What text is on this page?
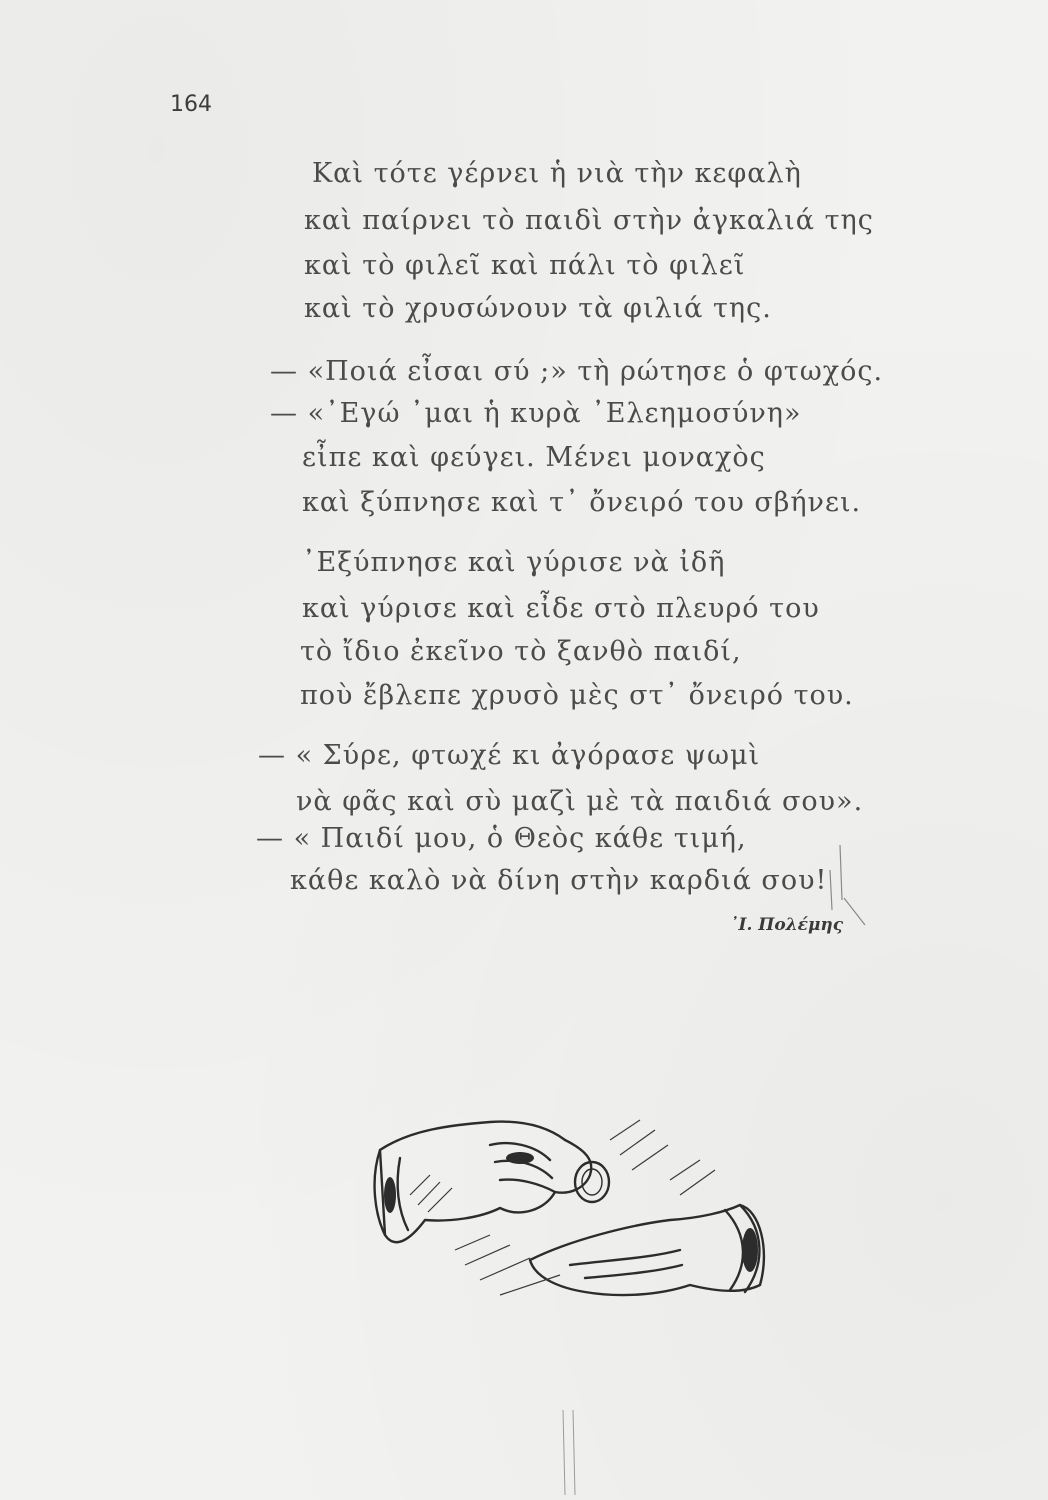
164
Καὶ τότε γέρνει ἡ νιὰ τὴν κεφαλὴ
καὶ παίρνει τὸ παιδὶ στὴν ἀγκαλιά της
καὶ τὸ φιλεῖ καὶ πάλι τὸ φιλεῖ
καὶ τὸ χρυσώνουν τὰ φιλιά της.
— «Ποιά εἶσαι σύ ;» τὴ ρώτησε ὁ φτωχός.
— «᾿Εγώ ᾿μαι ἡ κυρὰ ᾿Ελεημοσύνη»
εἶπε καὶ φεύγει. Μένει μοναχὸς
καὶ ξύπνησε καὶ τ᾿ ὄνειρό του σβήνει.
᾿Εξύπνησε καὶ γύρισε νὰ ἰδῆ
καὶ γύρισε καὶ εἶδε στὸ πλευρό του
τὸ ἴδιο ἐκεῖνο τὸ ξανθὸ παιδί,
ποὺ ἔβλεπε χρυσὸ μὲς στ᾿ ὄνειρό του.
— « Σύρε, φτωχέ κι ἀγόρασε ψωμὶ
νὰ φᾶς καὶ σὺ μαζὶ μὲ τὰ παιδιά σου».
— « Παιδί μου, ὁ Θεὸς κάθε τιμή,
κάθε καλὸ νὰ δίνη στὴν καρδιά σου!
᾿Ι. Πολέμης
